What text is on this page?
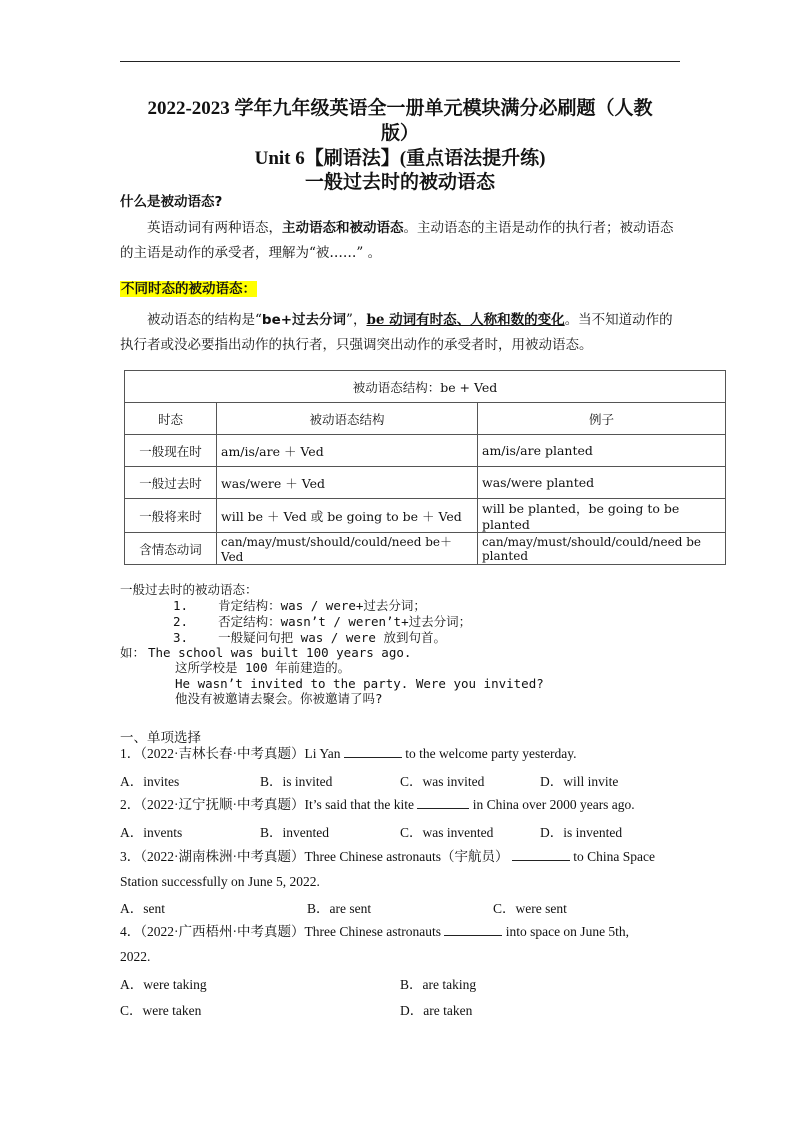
2022-2023 学年九年级英语全一册单元模块满分必刷题（人教
版）
Unit 6【刷语法】(重点语法提升练)
一般过去时的被动语态
什么是被动语态?
英语动词有两种语态，主动语态和被动语态。主动语态的主语是动作的执行者；被动语态的主语是动作的承受者，理解为“被……” 。
不同时态的被动语态：
被动语态的结构是“be+过去分词”，be 动词有时态、人称和数的变化。当不知道动作的执行者或没必要指出动作的执行者，只强调突出动作的承受者时，用被动语态。
被动语态结构：be + Ved		
时态	被动语态结构	例子
一般现在时	am/is/are ＋ Ved	am/is/are planted
一般过去时	was/were ＋ Ved	was/were planted
一般将来时	will be ＋ Ved 或 be going to be ＋ Ved	will be planted，be going to be planted
含情态动词	can/may/must/should/could/need be＋Ved	can/may/must/should/could/need be planted
一般过去时的被动语态：
1.    肯定结构：was / were+过去分词；
2.    否定结构：wasn’t / weren’t+过去分词；
3.    一般疑问句把 was / were 放到句首。
如： The school was built 100 years ago.
这所学校是 100 年前建造的。
He wasn’t invited to the party. Were you invited?
他没有被邀请去聚会。你被邀请了吗?
一、单项选择
1．（2022·吉林长春·中考真题）Li Yan	to the welcome party yesterday.
A．invites	B．is invited	C．was invited	D．will invite
2．（2022·辽宁抚顺·中考真题）It’s said that the kite	in China over 2000 years ago.
A．invents	B．invented	C．was invented	D．is invented
3．（2022·湖南株洲·中考真题）Three Chinese astronauts（宇航员）	to China Space
Station successfully on June 5, 2022.
A．sent	B．are sent	C．were sent
4．（2022·广西梧州·中考真题）Three Chinese astronauts	into space on June 5th,
2022.
A．were taking	B．are taking
C．were taken	D．are taken
